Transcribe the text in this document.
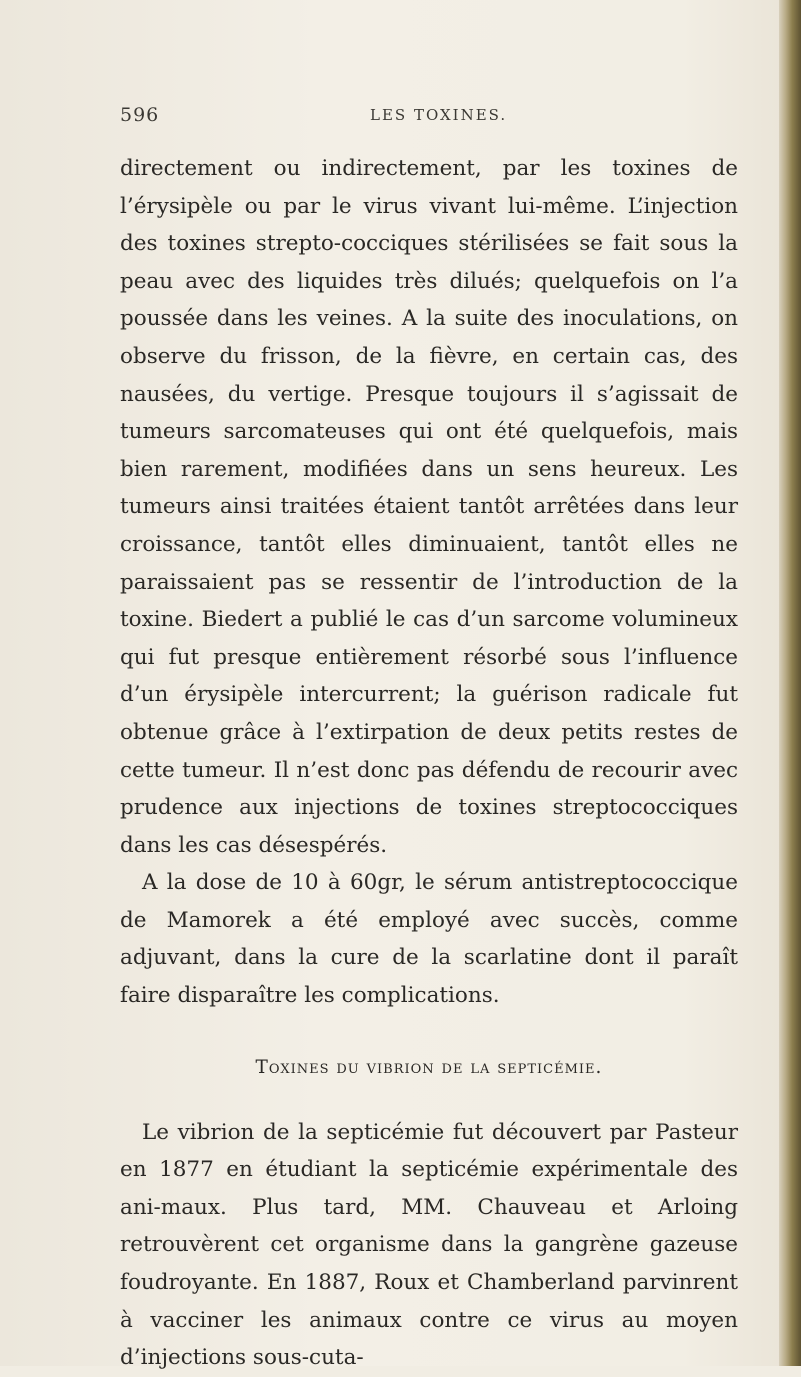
596	LES TOXINES.

directement ou indirectement, par les toxines de l’érysipèle ou par le virus vivant lui-même. L’injection des toxines strepto-cocciques stérilisées se fait sous la peau avec des liquides très dilués; quelquefois on l’a poussée dans les veines. A la suite des inoculations, on observe du frisson, de la fièvre, en certain cas, des nausées, du vertige. Presque toujours il s’agissait de tumeurs sarcomateuses qui ont été quelquefois, mais bien rarement, modifiées dans un sens heureux. Les tumeurs ainsi traitées étaient tantôt arrêtées dans leur croissance, tantôt elles diminuaient, tantôt elles ne paraissaient pas se ressentir de l’introduction de la toxine. Biedert a publié le cas d’un sarcome volumineux qui fut presque entièrement résorbé sous l’influence d’un érysipèle intercurrent; la guérison radicale fut obtenue grâce à l’extirpation de deux petits restes de cette tumeur. Il n’est donc pas défendu de recourir avec prudence aux injections de toxines streptococciques dans les cas désespérés.

A la dose de 10 à 60gr, le sérum antistreptococcique de Mamorek a été employé avec succès, comme adjuvant, dans la cure de la scarlatine dont il paraît faire disparaître les complications.

Toxines du vibrion de la septicémie.

Le vibrion de la septicémie fut découvert par Pasteur en 1877 en étudiant la septicémie expérimentale des ani-maux. Plus tard, MM. Chauveau et Arloing retrouvèrent cet organisme dans la gangrène gazeuse foudroyante. En 1887, Roux et Chamberland parvinrent à vacciner les animaux contre ce virus au moyen d’injections sous-cuta-
